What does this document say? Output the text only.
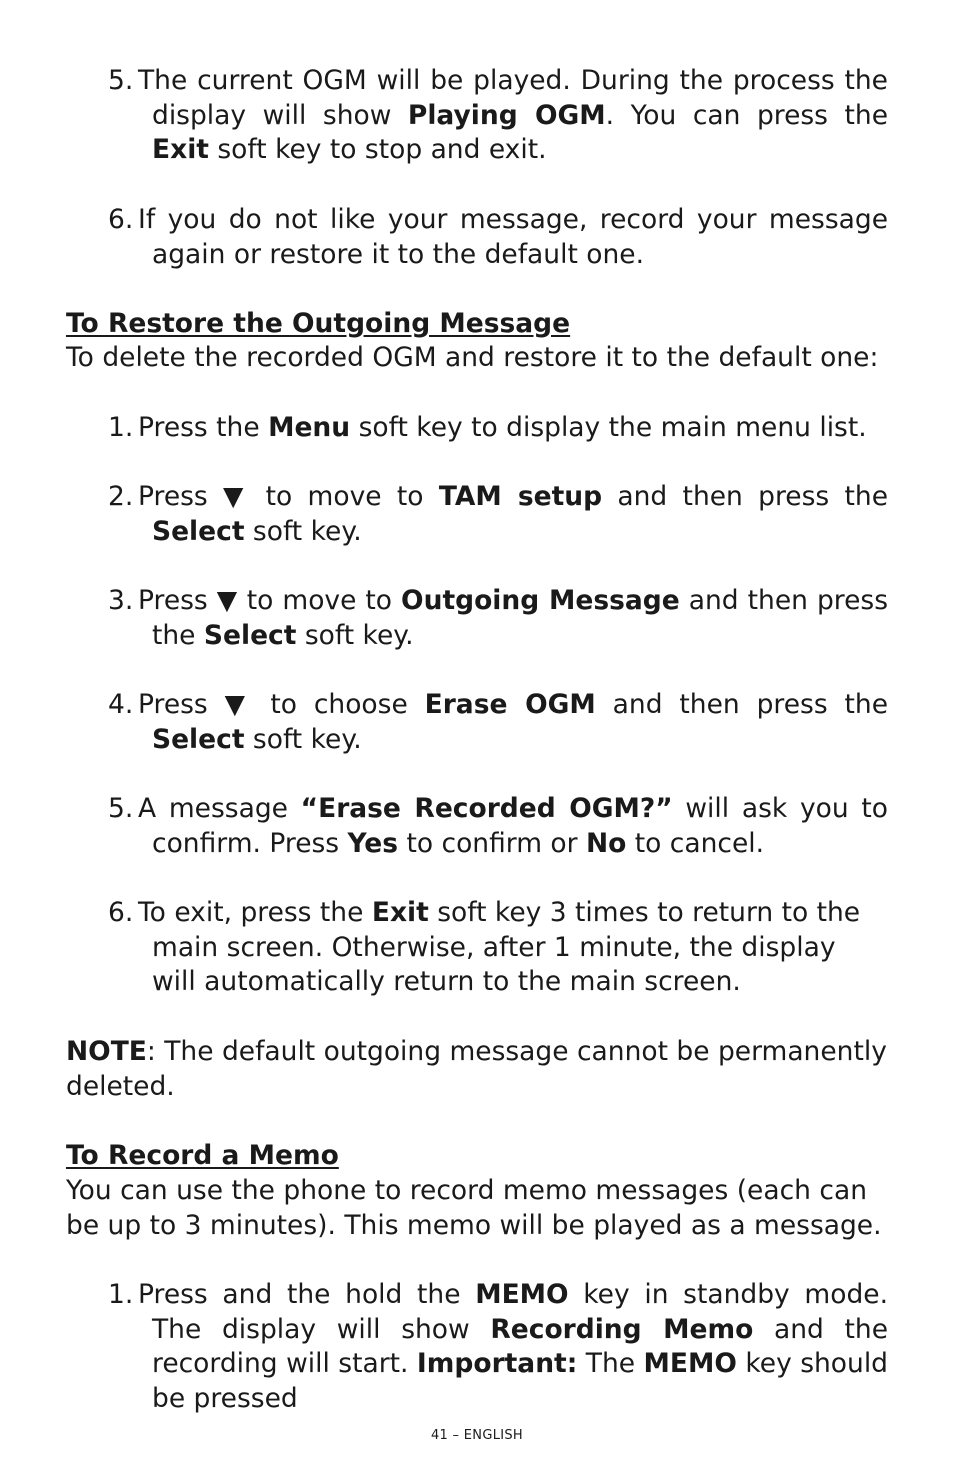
5. The current OGM will be played. During the process the display will show Playing OGM. You can press the Exit soft key to stop and exit.
6. If you do not like your message, record your message again or restore it to the default one.
To Restore the Outgoing Message
To delete the recorded OGM and restore it to the default one:
1. Press the Menu soft key to display the main menu list.
2. Press ▼ to move to TAM setup and then press the Select soft key.
3. Press ▼ to move to Outgoing Message and then press the Select soft key.
4. Press ▼ to choose Erase OGM and then press the Select soft key.
5. A message “Erase Recorded OGM?” will ask you to confirm. Press Yes to confirm or No to cancel.
6. To exit, press the Exit soft key 3 times to return to the main screen. Otherwise, after 1 minute, the display will automatically return to the main screen.
NOTE: The default outgoing message cannot be permanently deleted.
To Record a Memo
You can use the phone to record memo messages (each can be up to 3 minutes). This memo will be played as a message.
1. Press and the hold the MEMO key in standby mode. The display will show Recording Memo and the recording will start. Important: The MEMO key should be pressed
41 – ENGLISH
